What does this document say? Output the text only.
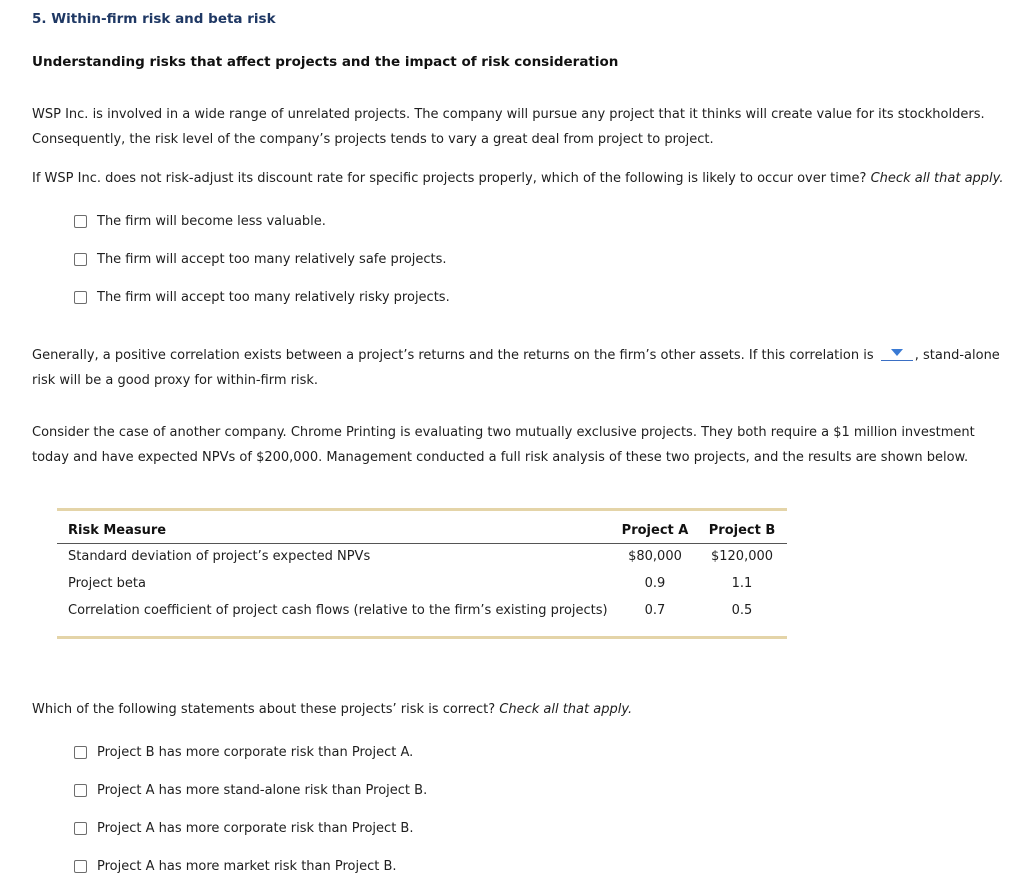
5. Within-firm risk and beta risk
Understanding risks that affect projects and the impact of risk consideration
WSP Inc. is involved in a wide range of unrelated projects. The company will pursue any project that it thinks will create value for its stockholders. Consequently, the risk level of the company’s projects tends to vary a great deal from project to project.
If WSP Inc. does not risk-adjust its discount rate for specific projects properly, which of the following is likely to occur over time? Check all that apply.
The firm will become less valuable.
The firm will accept too many relatively safe projects.
The firm will accept too many relatively risky projects.
Generally, a positive correlation exists between a project’s returns and the returns on the firm’s other assets. If this correlation is	, stand-alone risk will be a good proxy for within-firm risk.
Consider the case of another company. Chrome Printing is evaluating two mutually exclusive projects. They both require a $1 million investment today and have expected NPVs of $200,000. Management conducted a full risk analysis of these two projects, and the results are shown below.
Risk Measure	Project A	Project B
Standard deviation of project’s expected NPVs	$80,000	$120,000
Project beta	0.9	1.1
Correlation coefficient of project cash flows (relative to the firm’s existing projects)	0.7	0.5
Which of the following statements about these projects’ risk is correct? Check all that apply.
Project B has more corporate risk than Project A.
Project A has more stand-alone risk than Project B.
Project A has more corporate risk than Project B.
Project A has more market risk than Project B.
